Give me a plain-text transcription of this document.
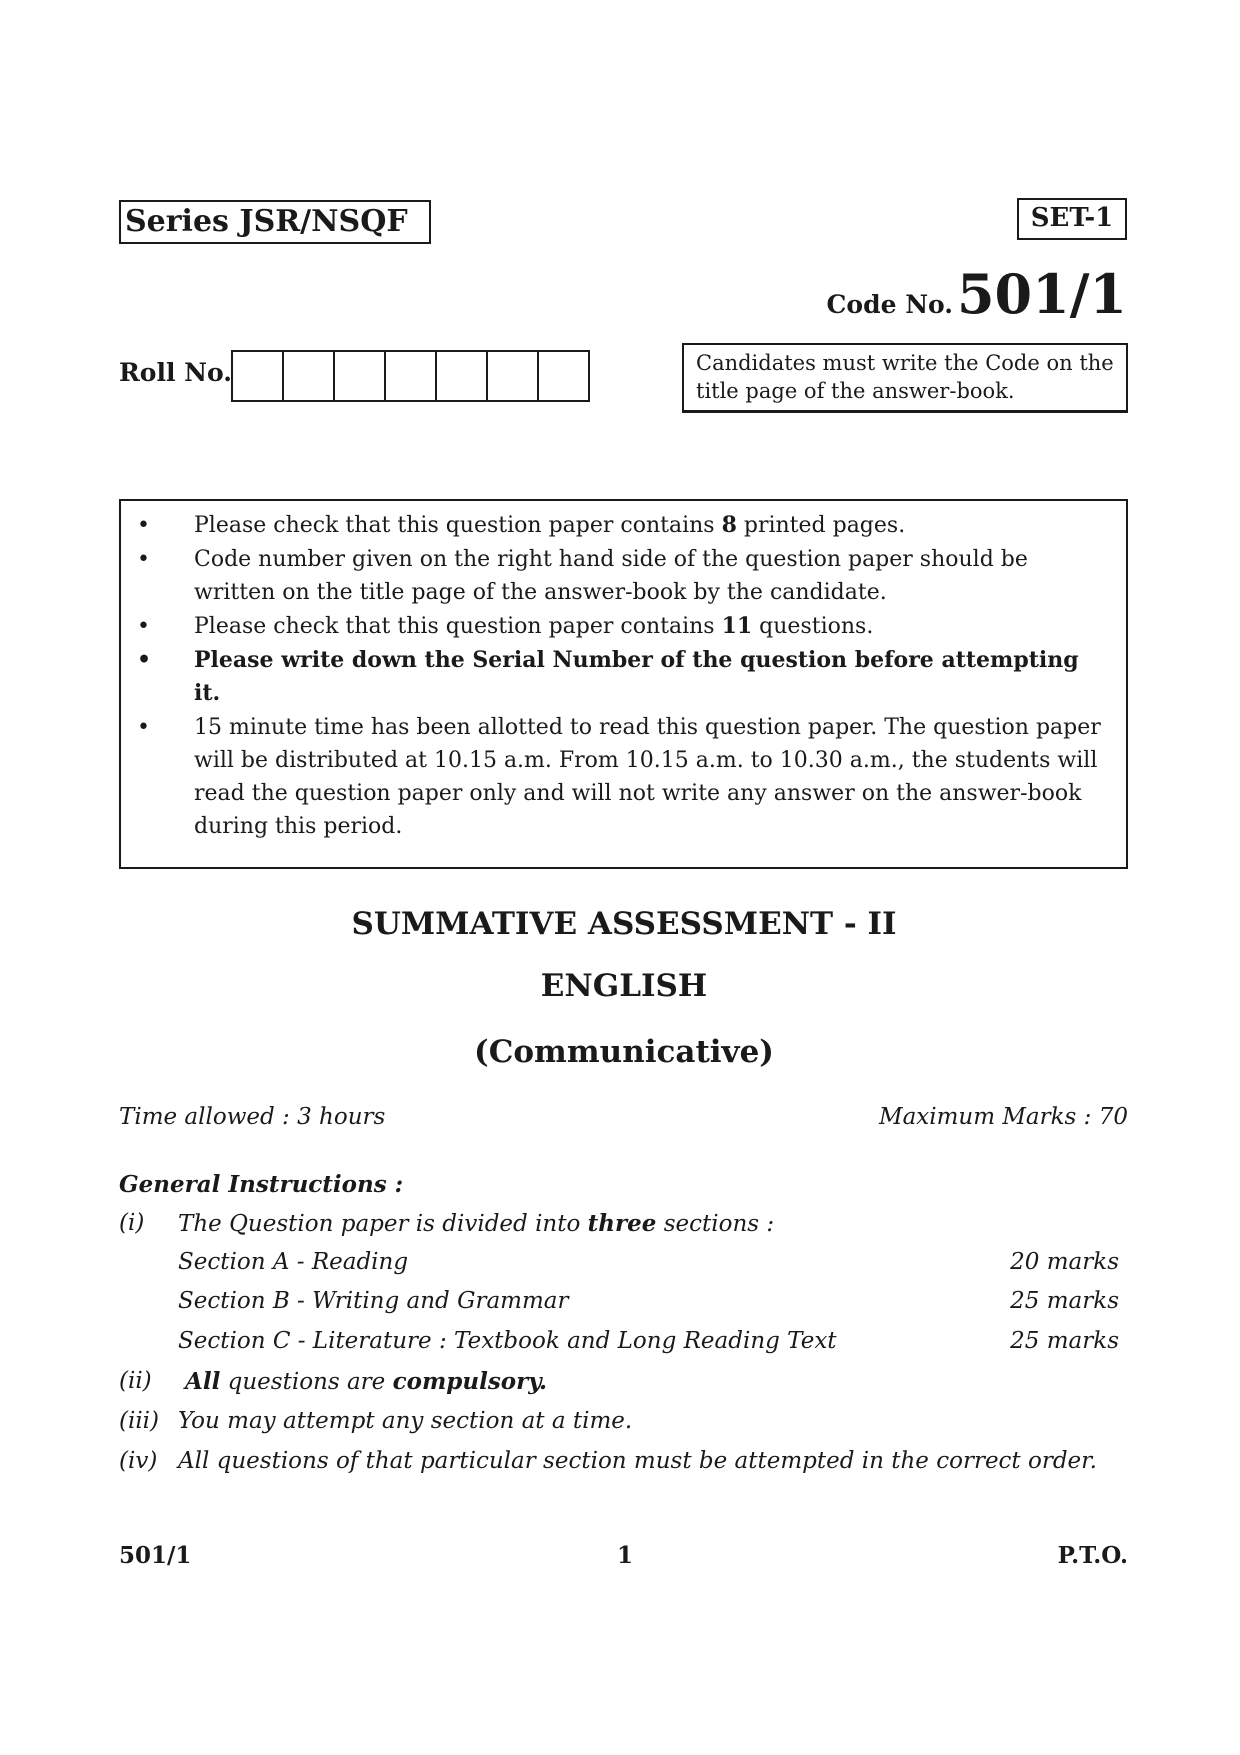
Series JSR/NSQF	SET-1
Code No.501/1
Roll No.	Candidates must write the Code on the title page of the answer-book.
• Please check that this question paper contains 8 printed pages.
• Code number given on the right hand side of the question paper should be written on the title page of the answer-book by the candidate.
• Please check that this question paper contains 11 questions.
• Please write down the Serial Number of the question before attempting it.
• 15 minute time has been allotted to read this question paper. The question paper will be distributed at 10.15 a.m. From 10.15 a.m. to 10.30 a.m., the students will read the question paper only and will not write any answer on the answer-book during this period.
SUMMATIVE ASSESSMENT - II
ENGLISH
(Communicative)
Time allowed : 3 hours	Maximum Marks : 70
General Instructions :
(i) The Question paper is divided into three sections :
Section A - Reading	20 marks
Section B - Writing and Grammar	25 marks
Section C - Literature : Textbook and Long Reading Text	25 marks
(ii) All questions are compulsory.
(iii) You may attempt any section at a time.
(iv) All questions of that particular section must be attempted in the correct order.
501/1	1	P.T.O.
